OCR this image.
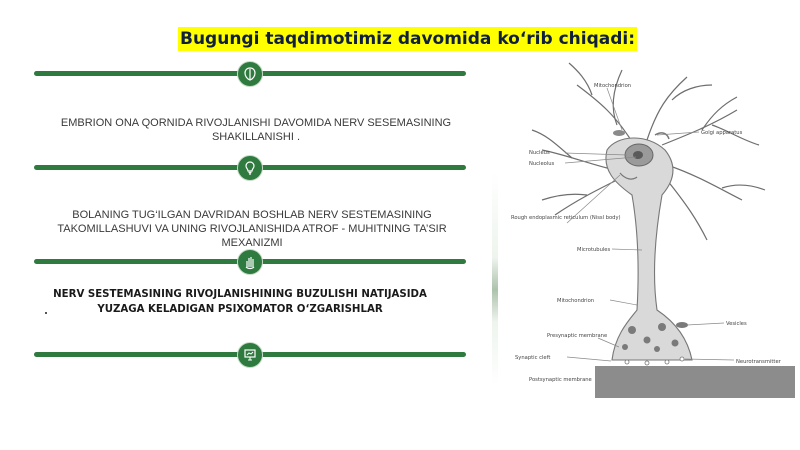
Bugungi taqdimotimiz davomida ko‘rib chiqadi:
EMBRION ONA QORNIDA RIVOJLANISHI DAVOMIDA NERV SESEMASINING SHAKILLANISHI .
BOLANING TUG‘ILGAN DAVRIDAN BOSHLAB NERV SESTEMASINING TAKOMILLASHUVI VA UNING RIVOJLANISHIDA ATROF - MUHITNING TA’SIR MEXANIZMI
NERV SESTEMASINING RIVOJLANISHINING BUZULISHI NATIJASIDA YUZAGA KELADIGAN PSIXOMATOR O‘ZGARISHLAR
Mitochondrion
Golgi apparatus
Nucleus
Nucleolus
Rough endoplasmic reticulum (Nissl body)
Microtubules
Mitochondrion
Vesicles
Presynaptic membrane
Synaptic cleft
Neurotransmitter
Postsynaptic membrane
